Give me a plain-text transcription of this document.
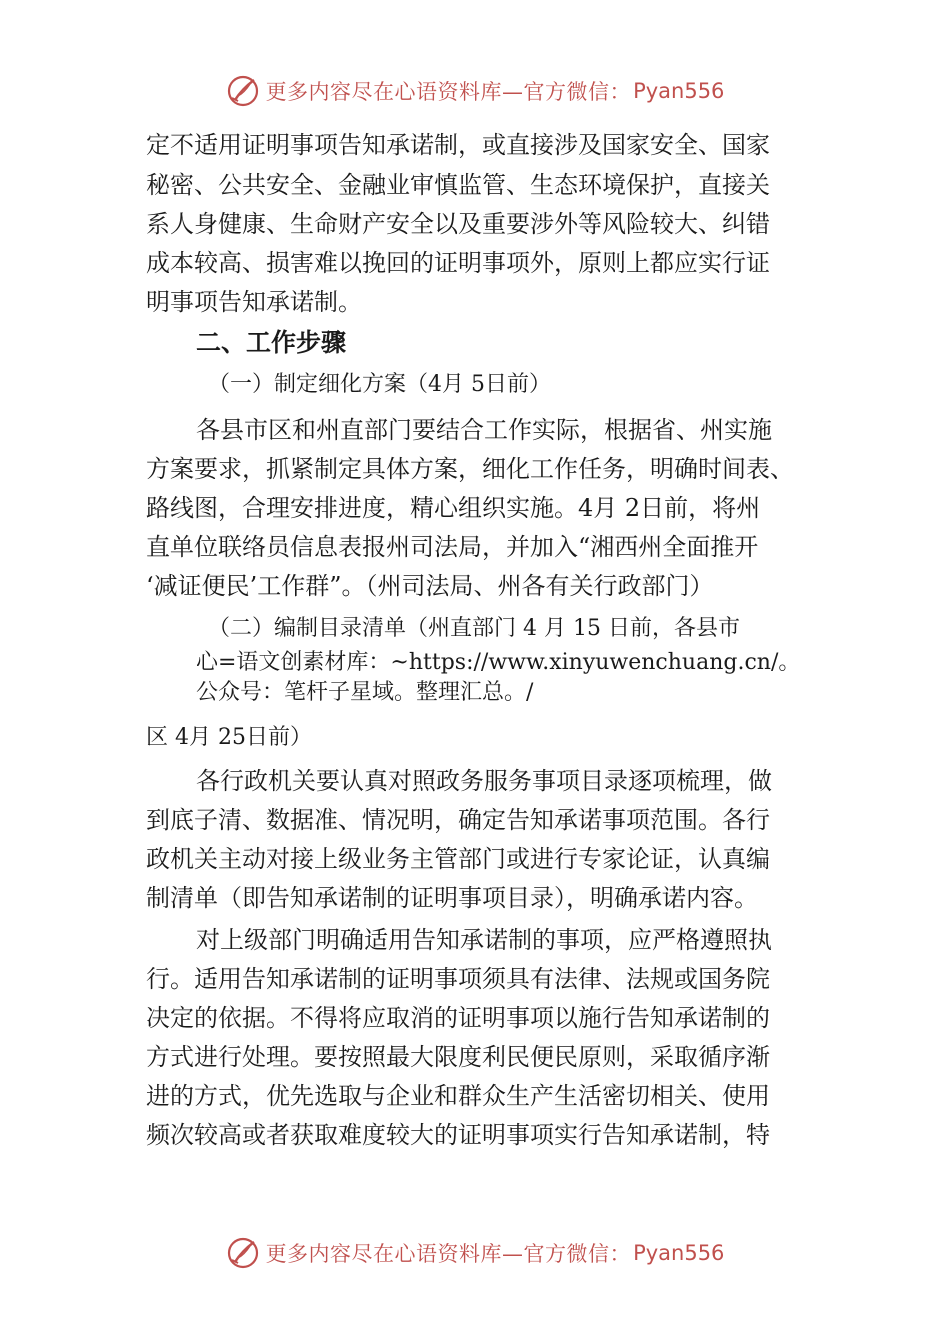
更多内容尽在心语资料库—官方微信： Pyan556
定不适用证明事项告知承诺制，或直接涉及国家安全、国家
秘密、公共安全、金融业审慎监管、生态环境保护，直接关
系人身健康、生命财产安全以及重要涉外等风险较大、纠错
成本较高、损害难以挽回的证明事项外，原则上都应实行证
明事项告知承诺制。
二、工作步骤
（一）制定细化方案（4月 5日前）
各县市区和州直部门要结合工作实际，根据省、州实施
方案要求，抓紧制定具体方案，细化工作任务，明确时间表、
路线图，合理安排进度，精心组织实施。4月 2日前，将州
直单位联络员信息表报州司法局，并加入“湘西州全面推开
‘减证便民’工作群”。（州司法局、州各有关行政部门）
（二）编制目录清单（州直部门 4 月 15 日前，各县市
心=语文创素材库：~https://www.xinyuwenchuang.cn/。
公众号：笔杆子星域。整理汇总。/
区 4月 25日前）
各行政机关要认真对照政务服务事项目录逐项梳理，做
到底子清、数据准、情况明，确定告知承诺事项范围。各行
政机关主动对接上级业务主管部门或进行专家论证，认真编
制清单（即告知承诺制的证明事项目录），明确承诺内容。
对上级部门明确适用告知承诺制的事项，应严格遵照执
行。适用告知承诺制的证明事项须具有法律、法规或国务院
决定的依据。不得将应取消的证明事项以施行告知承诺制的
方式进行处理。要按照最大限度利民便民原则，采取循序渐
进的方式，优先选取与企业和群众生产生活密切相关、使用
频次较高或者获取难度较大的证明事项实行告知承诺制，特
更多内容尽在心语资料库—官方微信： Pyan556
